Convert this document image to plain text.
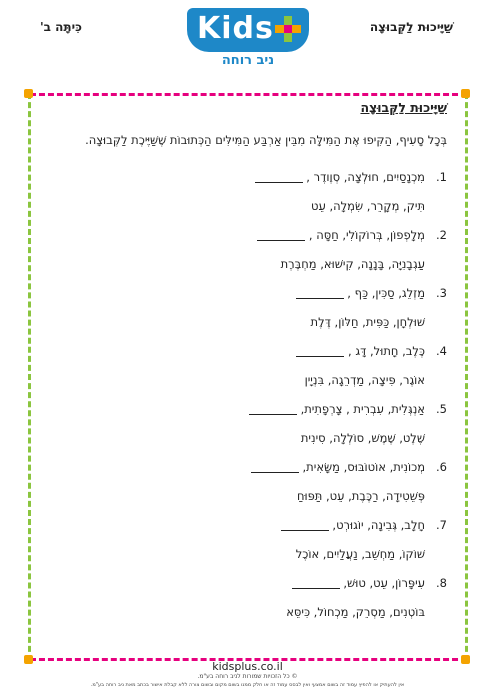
שַׁיָּיכוּת לַקְּבוּצָה
Kids
ניב רוחה
כִּיתָּה ב'
שַׁיָּיכוּת לַקְּבוּצָה
בְּכָל סָעִיף, הַקִּיפוּ אֶת הַמִּילָּה מִבֵּין אַרְבַּע הַמִּילִּים הַכְּתוּבוֹת שֶׁשַּׁיֶּיכֶת לַקְּבוּצָה.
1.מִכְנָסַיִים, חוּלְצָה, סְוֶודֶר ,
תִּיק, מְקָרֵר, שִׂמְלָה, עֵט
2.מְלָפְפוֹן, בְּרוֹקוֹלִי, חַסָּה ,
עַגְבָנִיָּה, בָּנָנָה, קִישׁוּא, מַחְבֶּרֶת
3.מַזְלֵג, סַכִּין, כַּף ,
שׁוּלְחָן, כַּפִּית, חַלּוֹן, דֶּלֶת
4.כֶּלֶב, חָתוּל, דָּג ,
אוֹגֶר, פִּיצָה, מַדְרֵגָה, בִּנְיָין
5.אַנְגְּלִית, עִבְרִית , צָרְפָתִית,
שֶׁלֶט, שֶׁמֶשׁ, סוֹלְלָה, סִינִית
6.מְכוֹנִית, אוֹטוֹבּוּס, מַשָּׂאִית,
פְּשֵׁטִידָה, רַכֶּבֶת, עֵט, תַּפּוּחַ
7.חָלָב, גְּבִינָה, יוֹגוּרְט,
שׁוֹקוֹ, מַחְשֵׁב, נַעֲלַיִים, אוֹכֶל
8.עִיפָּרוֹן, עֵט, טוּשׁ,
בּוֹטְנִים, מַסְרֵק, מַכְחוֹל, כִּיסֵּא
kidsplus.co.il
© כל הזכויות שמורות לניב רוחה בע"מ.
אין להעתיק או להפיץ עמוד זה בשום אמצעי ואין לבסס עמוד זה או חלק ממנו בשום מקום ובשום צורה ללא קבלת אישור בכתב מאת ניב רוחה בע"מ.
